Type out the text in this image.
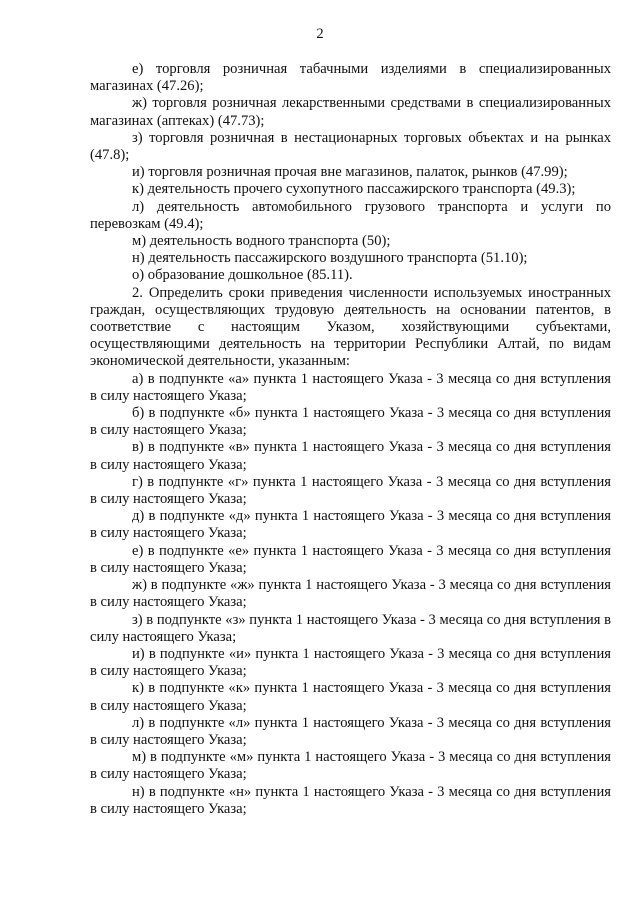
2

е) торговля розничная табачными изделиями в специализированных магазинах (47.26);

ж) торговля розничная лекарственными средствами в специализированных магазинах (аптеках) (47.73);

з) торговля розничная в нестационарных торговых объектах и на рынках (47.8);

и) торговля розничная прочая вне магазинов, палаток, рынков (47.99);

к) деятельность прочего сухопутного пассажирского транспорта (49.3);

л) деятельность автомобильного грузового транспорта и услуги по перевозкам (49.4);

м) деятельность водного транспорта (50);

н) деятельность пассажирского воздушного транспорта (51.10);

о) образование дошкольное (85.11).

2. Определить сроки приведения численности используемых иностранных граждан, осуществляющих трудовую деятельность на основании патентов, в соответствие с настоящим Указом, хозяйствующими субъектами, осуществляющими деятельность на территории Республики Алтай, по видам экономической деятельности, указанным:

а) в подпункте «а» пункта 1 настоящего Указа - 3 месяца со дня вступления в силу настоящего Указа;

б) в подпункте «б» пункта 1 настоящего Указа - 3 месяца со дня вступления в силу настоящего Указа;

в) в подпункте «в» пункта 1 настоящего Указа - 3 месяца со дня вступления в силу настоящего Указа;

г) в подпункте «г» пункта 1 настоящего Указа - 3 месяца со дня вступления в силу настоящего Указа;

д) в подпункте «д» пункта 1 настоящего Указа - 3 месяца со дня вступления в силу настоящего Указа;

е) в подпункте «е» пункта 1 настоящего Указа - 3 месяца со дня вступления в силу настоящего Указа;

ж) в подпункте «ж» пункта 1 настоящего Указа - 3 месяца со дня вступления в силу настоящего Указа;

з) в подпункте «з» пункта 1 настоящего Указа - 3 месяца со дня вступления в силу настоящего Указа;

и) в подпункте «и» пункта 1 настоящего Указа - 3 месяца со дня вступления в силу настоящего Указа;

к) в подпункте «к» пункта 1 настоящего Указа - 3 месяца со дня вступления в силу настоящего Указа;

л) в подпункте «л» пункта 1 настоящего Указа - 3 месяца со дня вступления в силу настоящего Указа;

м) в подпункте «м» пункта 1 настоящего Указа - 3 месяца со дня вступления в силу настоящего Указа;

н) в подпункте «н» пункта 1 настоящего Указа - 3 месяца со дня вступления в силу настоящего Указа;
